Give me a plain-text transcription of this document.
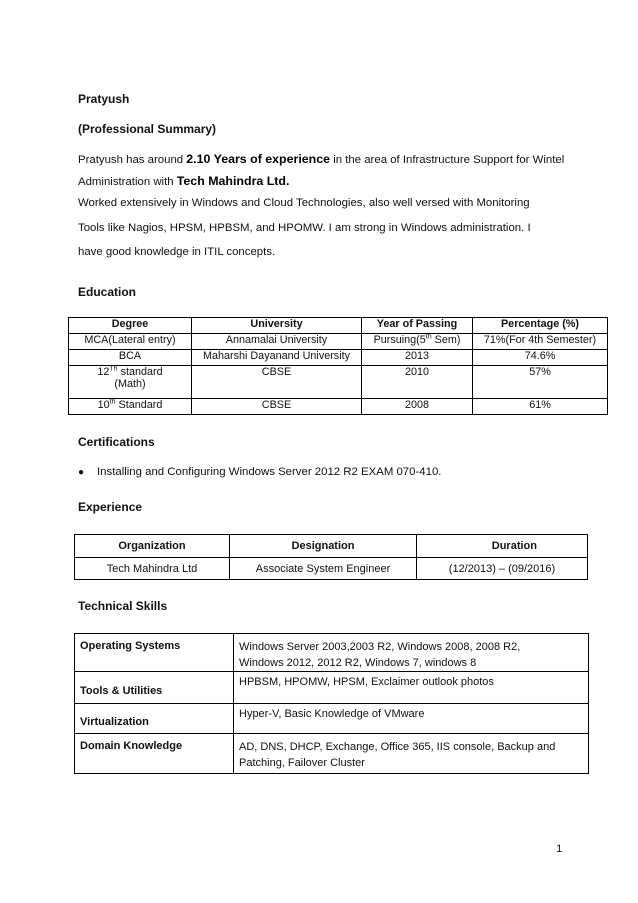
Pratyush
(Professional Summary)
Pratyush has around 2.10 Years of experience in the area of Infrastructure Support for Wintel
Administration with Tech Mahindra Ltd.
Worked extensively in Windows and Cloud Technologies, also well versed with Monitoring
Tools like Nagios, HPSM, HPBSM, and HPOMW. I am strong in Windows administration. I
have good knowledge in ITIL concepts.
Education
Degree	University	Year of Passing	Percentage (%)
MCA(Lateral entry)	Annamalai University	Pursuing(5th Sem)	71%(For 4th Semester)
BCA	Maharshi Dayanand University	2013	74.6%
12Th standard
(Math)	CBSE	2010	57%
10th Standard	CBSE	2008	61%
Certifications
● Installing and Configuring Windows Server 2012 R2 EXAM 070-410.
Experience
Organization	Designation	Duration
Tech Mahindra Ltd	Associate System Engineer	(12/2013) – (09/2016)
Technical Skills
Operating Systems	Windows Server 2003,2003 R2, Windows 2008, 2008 R2,
Windows 2012, 2012 R2, Windows 7, windows 8
Tools & Utilities	HPBSM, HPOMW, HPSM, Exclaimer outlook photos
Virtualization	Hyper-V, Basic Knowledge of VMware
Domain Knowledge	AD, DNS, DHCP, Exchange, Office 365, IIS console, Backup and
Patching, Failover Cluster
1
